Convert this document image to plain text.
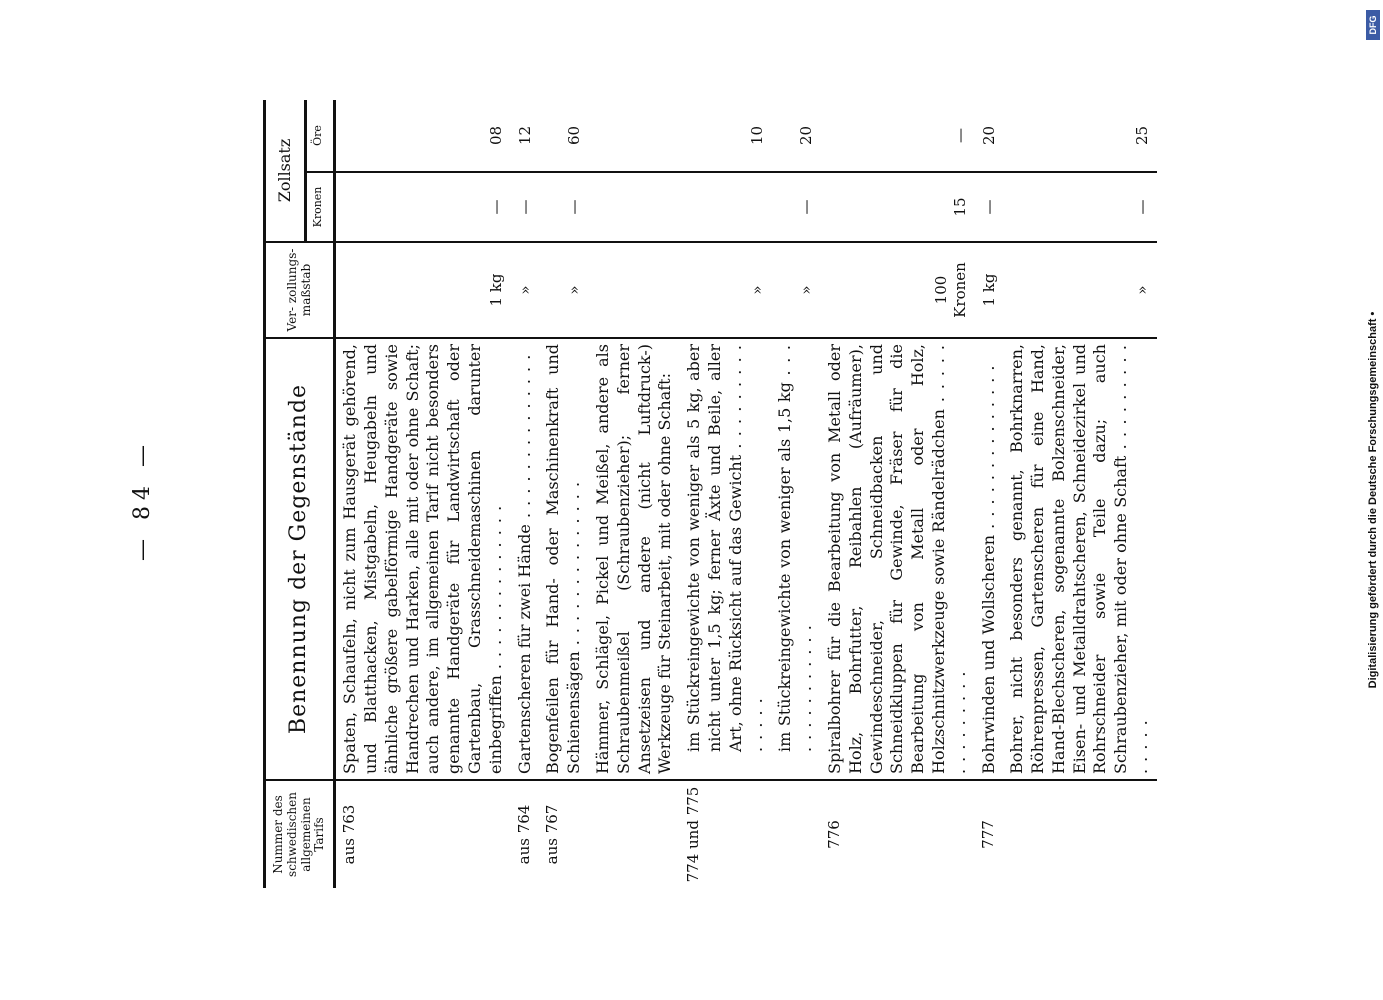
— 84 —
Nummer des schwedischen allgemeinen Tarifs	Benennung der Gegenstände	Ver- zollungs- maßstab	Zollsatz	
			Kronen	Öre
aus 763	Spaten, Schaufeln, nicht zum Hausgerät gehörend, und Blatthacken, Mistgabeln, Heugabeln und ähnliche größere gabelförmige Handgeräte sowie Handrechen und Harken, alle mit oder ohne Schaft; auch andere, im allgemeinen Tarif nicht besonders genannte Handgeräte für Landwirtschaft oder Gartenbau, Grasschneidemaschinen darunter einbegriffen . . .	1 kg	—	08
aus 764	Gartenscheren für zwei Hände . . .	»	—	12
aus 767	Bogenfeilen für Hand- oder Maschinenkraft und Schienensägen . . .	»	—	60
	Hämmer, Schlägel, Pickel und Meißel, andere als Schraubenmeißel (Schraubenzieher); ferner Ansetzeisen und andere (nicht Luftdruck-) Werkzeuge für Steinarbeit, mit oder ohne Schaft:			
774 und 775	im Stückreingewichte von weniger als 5 kg, aber nicht unter 1,5 kg; ferner Äxte und Beile, aller Art, ohne Rücksicht auf das Gewicht . . .	»		10

	im Stückreingewichte von weniger als 1,5 kg . . .	»	—	20
776	Spiralbohrer für die Bearbeitung von Metall oder Holz, Bohrfutter, Reibahlen (Aufräumer), Gewindeschneider, Schneidbacken und Schneidkluppen für Gewinde, Fräser für die Bearbeitung von Metall oder Holz, Holzschnitzwerkzeuge sowie Rändelrädchen . . .	100 Kronen	15	—
777	Bohrwinden und Wollscheren . . .	1 kg	—	20
	Bohrer, nicht besonders genannt, Bohrknarren, Röhrenpressen, Gartenscheren für eine Hand, Hand-Blechscheren, sogenannte Bolzenschneider, Eisen- und Metalldrahtscheren, Schneidezirkel und Rohrschneider sowie Teile dazu; auch Schraubenzieher, mit oder ohne Schaft . . .	»	—	25
DFG
Digitalisierung gefördert durch die Deutsche Forschungsgemeinschaft •
